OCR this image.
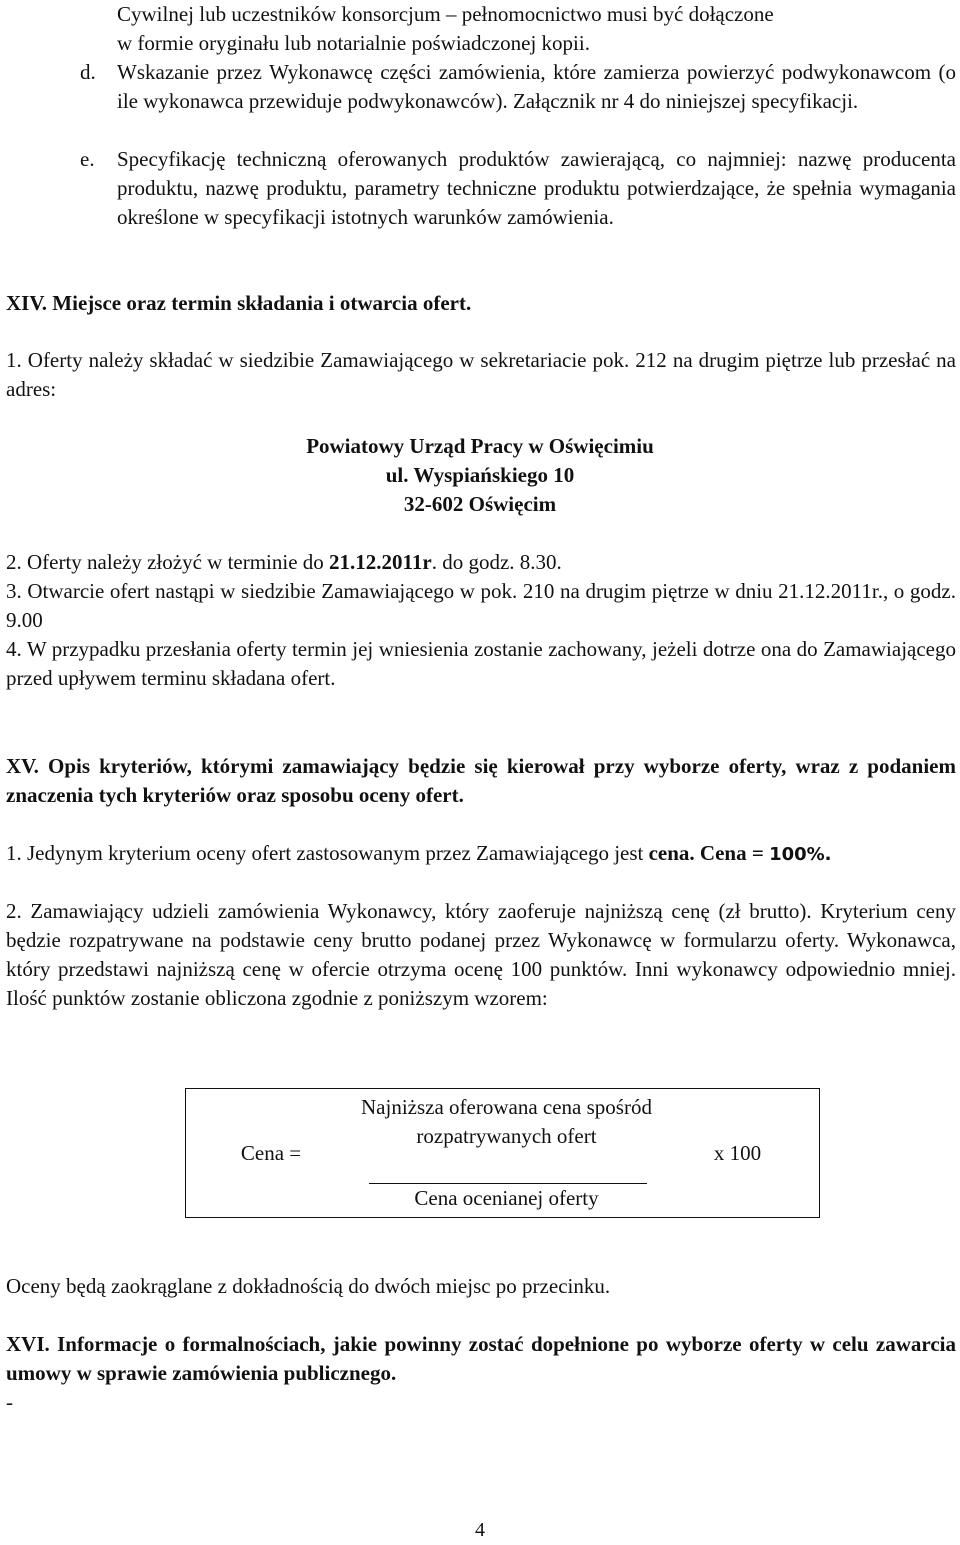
Cywilnej lub uczestników konsorcjum – pełnomocnictwo musi być dołączone
w formie oryginału lub notarialnie poświadczonej kopii.
d. Wskazanie przez Wykonawcę części zamówienia, które zamierza powierzyć podwykonawcom (o ile wykonawca przewiduje podwykonawców). Załącznik nr 4 do niniejszej specyfikacji.
e. Specyfikację techniczną oferowanych produktów zawierającą, co najmniej: nazwę producenta produktu, nazwę produktu, parametry techniczne produktu potwierdzające, że spełnia wymagania określone w specyfikacji istotnych warunków zamówienia.
XIV. Miejsce oraz termin składania i otwarcia ofert.
1. Oferty należy składać w siedzibie Zamawiającego w sekretariacie pok. 212 na drugim piętrze lub przesłać na adres:
Powiatowy Urząd Pracy w Oświęcimiu
ul. Wyspiańskiego 10
32-602 Oświęcim
2. Oferty należy złożyć w terminie do 21.12.2011r. do godz. 8.30.
3. Otwarcie ofert nastąpi w siedzibie Zamawiającego w pok. 210 na drugim piętrze w dniu 21.12.2011r., o godz. 9.00
4. W przypadku przesłania oferty termin jej wniesienia zostanie zachowany, jeżeli dotrze ona do Zamawiającego przed upływem terminu składana ofert.
XV. Opis kryteriów, którymi zamawiający będzie się kierował przy wyborze oferty, wraz z podaniem znaczenia tych kryteriów oraz sposobu oceny ofert.
1. Jedynym kryterium oceny ofert zastosowanym przez Zamawiającego jest cena. Cena = 100%.
2. Zamawiający udzieli zamówienia Wykonawcy, który zaoferuje najniższą cenę (zł brutto). Kryterium ceny będzie rozpatrywane na podstawie ceny brutto podanej przez Wykonawcę w formularzu oferty. Wykonawca, który przedstawi najniższą cenę w ofercie otrzyma ocenę 100 punktów. Inni wykonawcy odpowiednio mniej. Ilość punktów zostanie obliczona zgodnie z poniższym wzorem:
Cena =
Najniższa oferowana cena spośród rozpatrywanych ofert
Cena ocenianej oferty
x 100
Oceny będą zaokrąglane z dokładnością do dwóch miejsc po przecinku.
XVI. Informacje o formalnościach, jakie powinny zostać dopełnione po wyborze oferty w celu zawarcia umowy w sprawie zamówienia publicznego.
-
4
